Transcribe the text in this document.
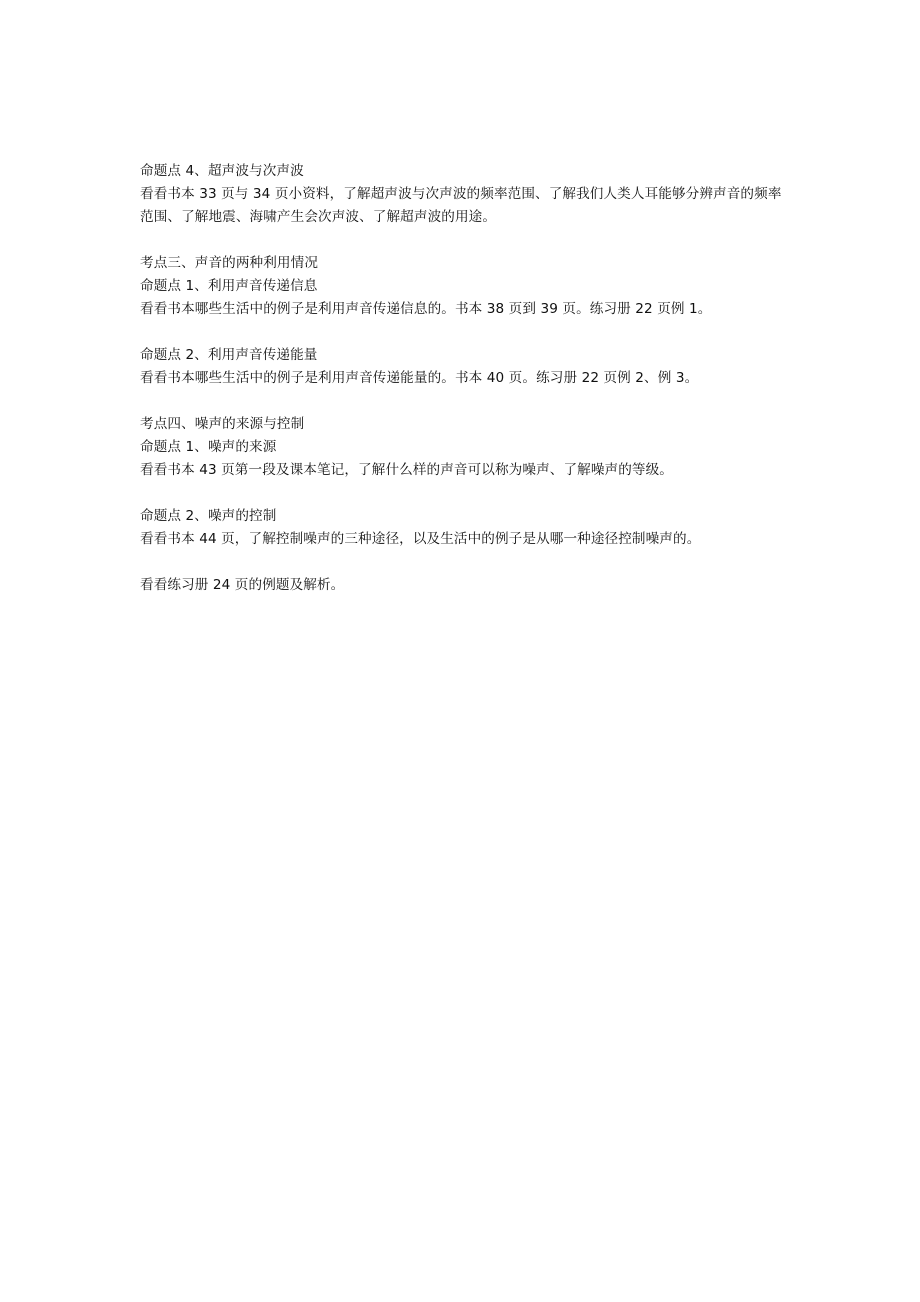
命题点 4、超声波与次声波

看看书本 33 页与 34 页小资料，了解超声波与次声波的频率范围、了解我们人类人耳能够分辨声音的频率范围、了解地震、海啸产生会次声波、了解超声波的用途。

考点三、声音的两种利用情况

命题点 1、利用声音传递信息

看看书本哪些生活中的例子是利用声音传递信息的。书本 38 页到 39 页。练习册 22 页例 1。

命题点 2、利用声音传递能量

看看书本哪些生活中的例子是利用声音传递能量的。书本 40 页。练习册 22 页例 2、例 3。

考点四、噪声的来源与控制

命题点 1、噪声的来源

看看书本 43 页第一段及课本笔记，了解什么样的声音可以称为噪声、了解噪声的等级。

命题点 2、噪声的控制

看看书本 44 页，了解控制噪声的三种途径，以及生活中的例子是从哪一种途径控制噪声的。

看看练习册 24 页的例题及解析。
